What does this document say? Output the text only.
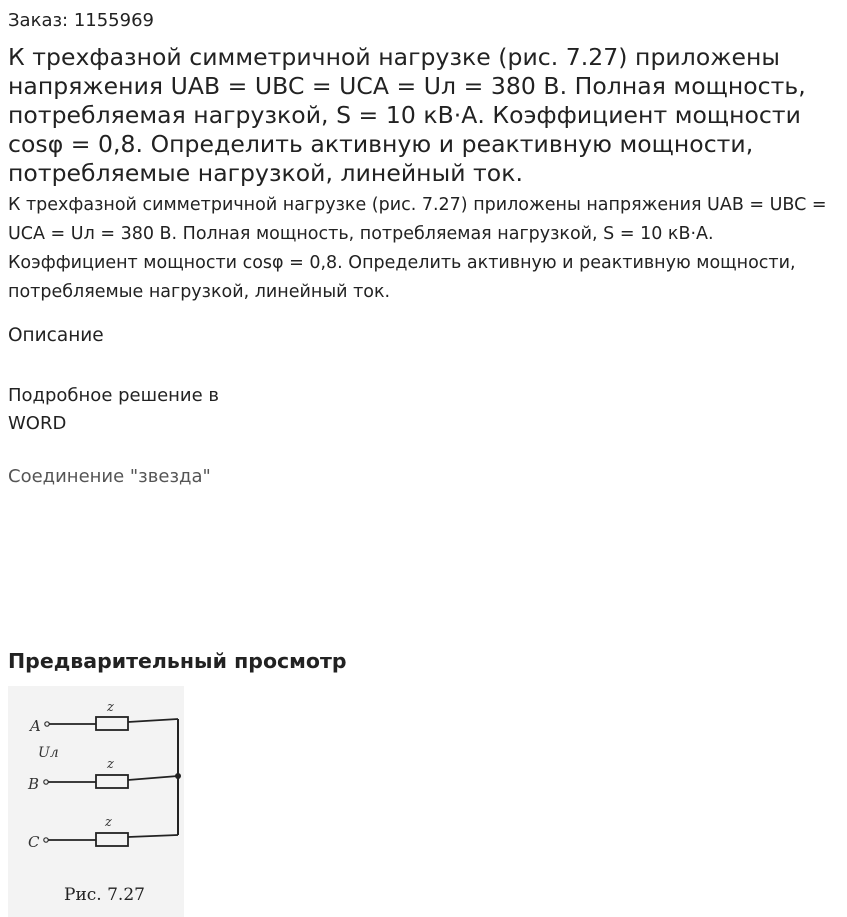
Заказ: 1155969

К трехфазной симметричной нагрузке (рис. 7.27) приложены напряжения UAB = UBC = UCA = Uл = 380 В. Полная мощность, потребляемая нагрузкой, S = 10 кВ·А. Коэффициент мощности cosφ = 0,8. Определить активную и реактивную мощности, потребляемые нагрузкой, линейный ток.

К трехфазной симметричной нагрузке (рис. 7.27) приложены напряжения UAB = UBC = UCA = Uл = 380 В. Полная мощность, потребляемая нагрузкой, S = 10 кВ·А. Коэффициент мощности cosφ = 0,8. Определить активную и реактивную мощности, потребляемые нагрузкой, линейный ток.

Описание
Подробное решение в WORD
Соединение "звезда"
Предварительный просмотр
A
z
Uл
B
z
C
z
Рис. 7.27
